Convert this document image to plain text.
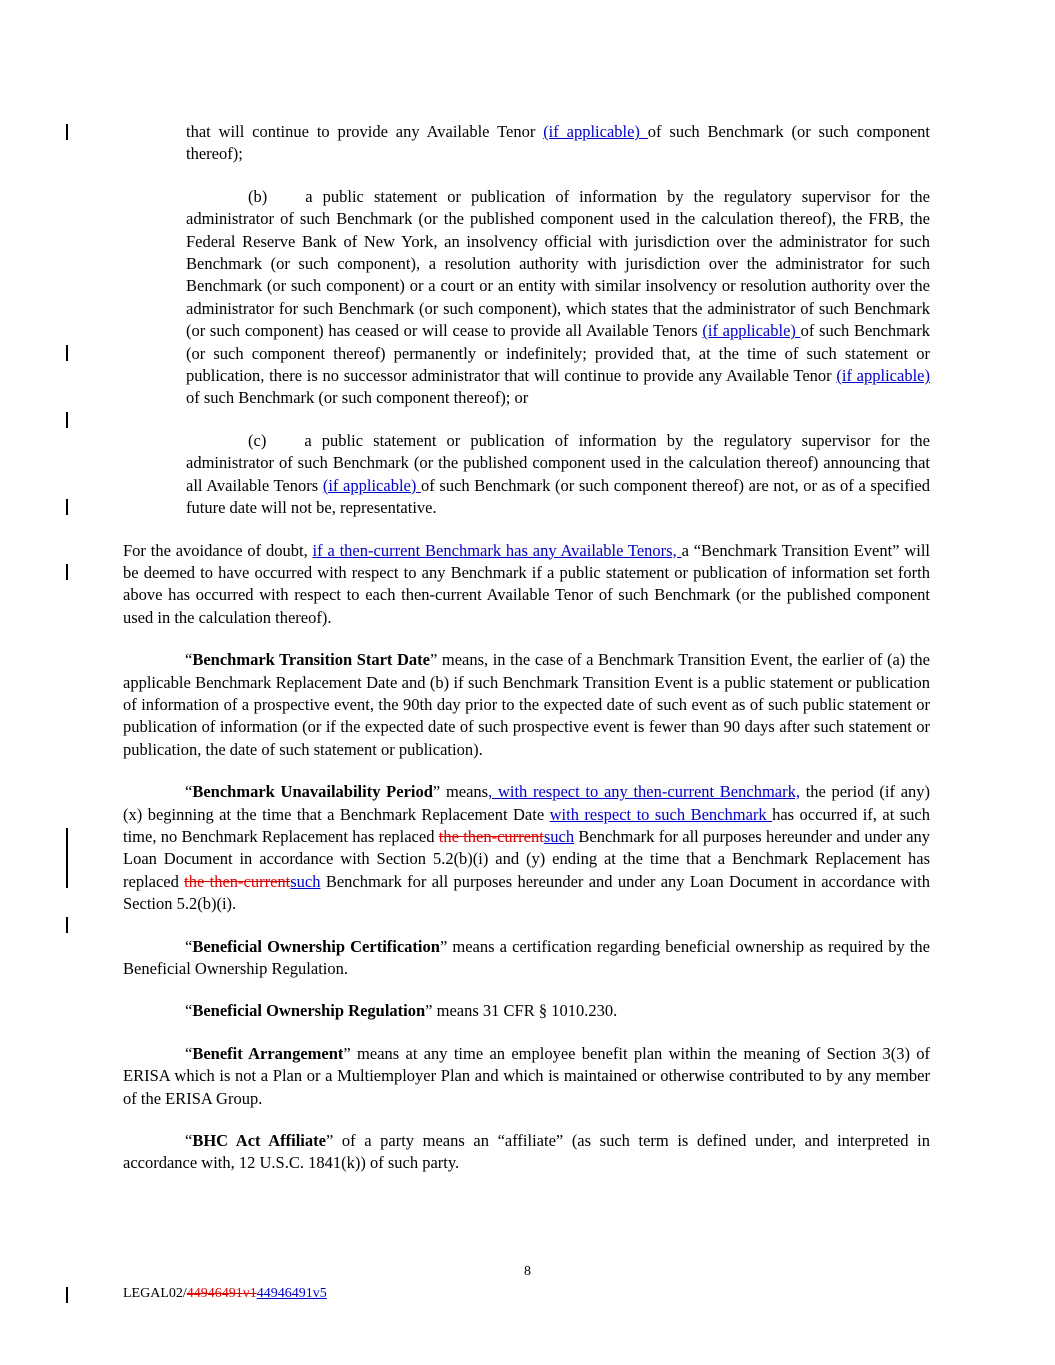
that will continue to provide any Available Tenor (if applicable) of such Benchmark (or such component thereof);

(b) a public statement or publication of information by the regulatory supervisor for the administrator of such Benchmark (or the published component used in the calculation thereof), the FRB, the Federal Reserve Bank of New York, an insolvency official with jurisdiction over the administrator for such Benchmark (or such component), a resolution authority with jurisdiction over the administrator for such Benchmark (or such component) or a court or an entity with similar insolvency or resolution authority over the administrator for such Benchmark (or such component), which states that the administrator of such Benchmark (or such component) has ceased or will cease to provide all Available Tenors (if applicable) of such Benchmark (or such component thereof) permanently or indefinitely; provided that, at the time of such statement or publication, there is no successor administrator that will continue to provide any Available Tenor (if applicable) of such Benchmark (or such component thereof); or

(c) a public statement or publication of information by the regulatory supervisor for the administrator of such Benchmark (or the published component used in the calculation thereof) announcing that all Available Tenors (if applicable) of such Benchmark (or such component thereof) are not, or as of a specified future date will not be, representative.

For the avoidance of doubt, if a then-current Benchmark has any Available Tenors, a “Benchmark Transition Event” will be deemed to have occurred with respect to any Benchmark if a public statement or publication of information set forth above has occurred with respect to each then-current Available Tenor of such Benchmark (or the published component used in the calculation thereof).

“Benchmark Transition Start Date” means, in the case of a Benchmark Transition Event, the earlier of (a) the applicable Benchmark Replacement Date and (b) if such Benchmark Transition Event is a public statement or publication of information of a prospective event, the 90th day prior to the expected date of such event as of such public statement or publication of information (or if the expected date of such prospective event is fewer than 90 days after such statement or publication, the date of such statement or publication).

“Benchmark Unavailability Period” means, with respect to any then-current Benchmark, the period (if any) (x) beginning at the time that a Benchmark Replacement Date with respect to such Benchmark has occurred if, at such time, no Benchmark Replacement has replaced the then-currentsuch Benchmark for all purposes hereunder and under any Loan Document in accordance with Section 5.2(b)(i) and (y) ending at the time that a Benchmark Replacement has replaced the then-currentsuch Benchmark for all purposes hereunder and under any Loan Document in accordance with Section 5.2(b)(i).

“Beneficial Ownership Certification” means a certification regarding beneficial ownership as required by the Beneficial Ownership Regulation.

“Beneficial Ownership Regulation” means 31 CFR § 1010.230.

“Benefit Arrangement” means at any time an employee benefit plan within the meaning of Section 3(3) of ERISA which is not a Plan or a Multiemployer Plan and which is maintained or otherwise contributed to by any member of the ERISA Group.

“BHC Act Affiliate” of a party means an “affiliate” (as such term is defined under, and interpreted in accordance with, 12 U.S.C. 1841(k)) of such party.

8
LEGAL02/44946491v144946491v5
